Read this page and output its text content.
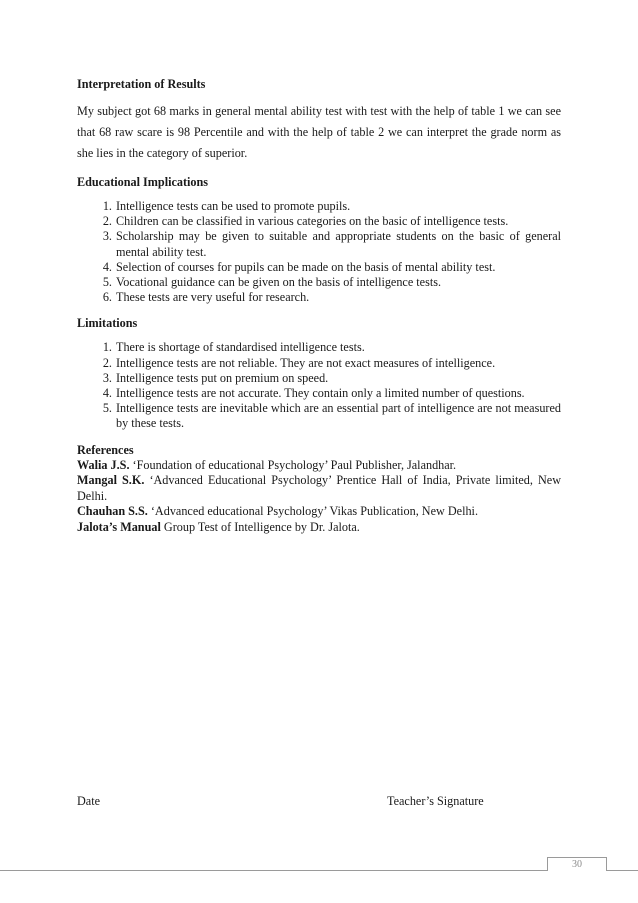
Interpretation of Results

My subject got 68 marks in general mental ability test with test with the help of table 1 we can see that 68 raw scare is 98 Percentile and with the help of table 2 we can interpret the grade norm as she lies in the category of superior.

Educational Implications
1. Intelligence tests can be used to promote pupils.
2. Children can be classified in various categories on the basic of intelligence tests.
3. Scholarship may be given to suitable and appropriate students on the basic of general mental ability test.
4. Selection of courses for pupils can be made on the basis of mental ability test.
5. Vocational guidance can be given on the basis of intelligence tests.
6. These tests are very useful for research.
Limitations
1. There is shortage of standardised intelligence tests.
2. Intelligence tests are not reliable. They are not exact measures of intelligence.
3. Intelligence tests put on premium on speed.
4. Intelligence tests are not accurate. They contain only a limited number of questions.
5. Intelligence tests are inevitable which are an essential part of intelligence are not measured by these tests.
References

Walia J.S. ‘Foundation of educational Psychology’ Paul Publisher, Jalandhar.

Mangal S.K. ‘Advanced Educational Psychology’ Prentice Hall of India, Private limited, New Delhi.

Chauhan S.S. ‘Advanced educational Psychology’ Vikas Publication, New Delhi.

Jalota’s Manual Group Test of Intelligence by Dr. Jalota.

Date	Teacher’s Signature
30
